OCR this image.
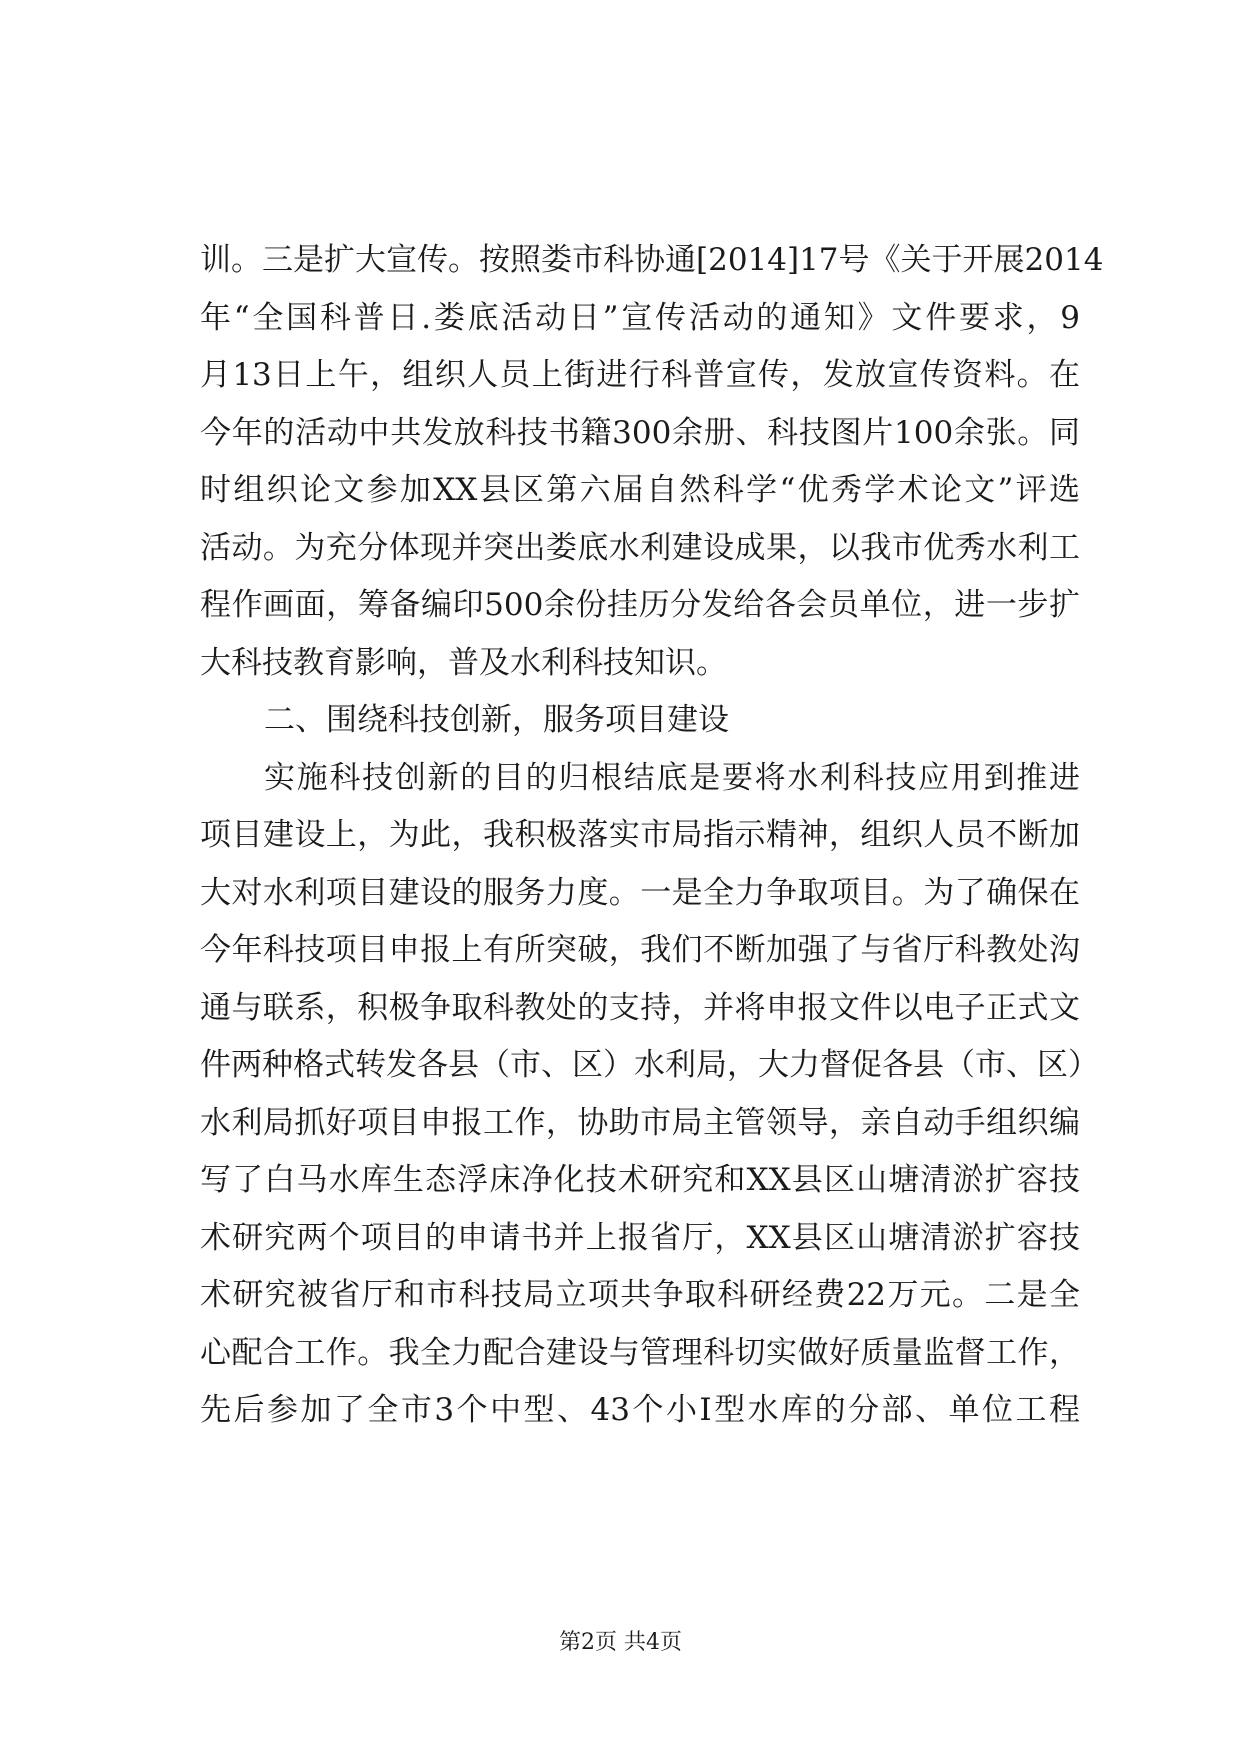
训。三是扩大宣传。按照娄市科协通[2014]17号《关于开展2014
年“全国科普日.娄底活动日”宣传活动的通知》文件要求，9
月13日上午，组织人员上街进行科普宣传，发放宣传资料。在
今年的活动中共发放科技书籍300余册、科技图片100余张。同
时组织论文参加XX县区第六届自然科学“优秀学术论文”评选
活动。为充分体现并突出娄底水利建设成果，以我市优秀水利工
程作画面，筹备编印500余份挂历分发给各会员单位，进一步扩
大科技教育影响，普及水利科技知识。
二、围绕科技创新，服务项目建设
实施科技创新的目的归根结底是要将水利科技应用到推进
项目建设上，为此，我积极落实市局指示精神，组织人员不断加
大对水利项目建设的服务力度。一是全力争取项目。为了确保在
今年科技项目申报上有所突破，我们不断加强了与省厅科教处沟
通与联系，积极争取科教处的支持，并将申报文件以电子正式文
件两种格式转发各县（市、区）水利局，大力督促各县（市、区）
水利局抓好项目申报工作，协助市局主管领导，亲自动手组织编
写了白马水库生态浮床净化技术研究和XX县区山塘清淤扩容技
术研究两个项目的申请书并上报省厅，XX县区山塘清淤扩容技
术研究被省厅和市科技局立项共争取科研经费22万元。二是全
心配合工作。我全力配合建设与管理科切实做好质量监督工作，
先后参加了全市3个中型、43个小Ⅰ型水库的分部、单位工程
第2页 共4页
